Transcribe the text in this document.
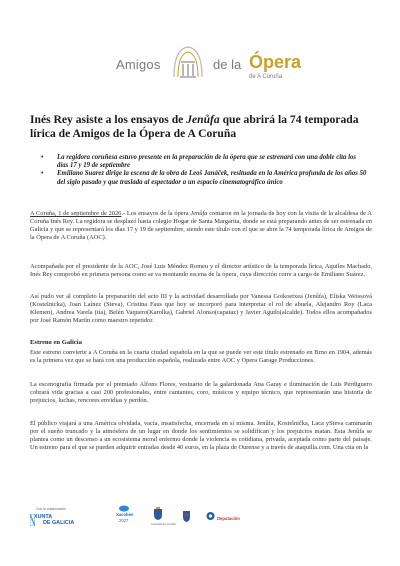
Amigos	de la Ópera
de A Coruña
Inés Rey asiste a los ensayos de Jenůfa que abrirá la 74 temporada lírica de Amigos de la Ópera de A Coruña
• La regidora coruñesa estuvo presente en la preparación de la ópera que se estrenará con una doble cita los días 17 y 19 de septiembre
• Emiliano Suarez dirige la escena de la obra de Leoš Janáček, resituada en la América profunda de los años 50 del siglo pasado y que traslada al espectador a un espacio cinematográfico único

A Coruña, 1 de septiembre de 2026.- Los ensayos de la ópera Jenůfa contaron en la jornada de hoy con la visita de la alcaldesa de A Coruña Inés Rey. La regidora se desplazó hasta colegio Hogar de Santa Margarita, donde se está preparando antes de ser estrenada en Galicia y que se representará los días 17 y 19 de septiembre, siendo este título con el que se abre la 74 temporada lírica de Amigos de la Ópera de A Coruña (AOC).

Acompañada por el presidente de la AOC, José Luis Méndez Romeu y el director artístico de la temporada lírica, Aquiles Machado, Inés Rey comprobó en primera persona como se va montando escena de la ópera, cuya dirección corre a cargo de Emiliano Suárez.

Así pudo ver al completo la preparación del acto III y la actividad desarrollada por Vanessa Goikoetxea (Jenůfa), Eliska Weissová (Kostelnicka), Joan Laínez (Steva), Cristina Faus que hoy se incorporó para interpretar el rol de abuela, Alejandro Roy (Laca Klemen), Andrea Varela (tía), Belén Vaquero(Karolka), Gabriel Alonso(capataz) y Javier Agudo(alcalde). Todos ellos acompañados por José Ramón Martín como maestro repetidor.

Estreno en Galicia

Este estreno convierte a A Coruña en la cuarta ciudad española en la que se puede ver este título estrenado en Brno en 1904, además es la primera vez que se hará con una producción española, realizada entre AOC y Opera Garage Producciones.

La escenografía firmada por el premiado Alfons Flores, vestuario de la galardonada Ana Garay e iluminación de Luis Perdiguero cobrará vida gracias a casi 200 profesionales, entre cantantes, coro, músicos y equipo técnico, que representarán una historia de prejuicios, luchas, rencores envidias y perdón.

El público viajará a una América olvidada, vacía, insatisfecha, encerrada en sí misma. Jenůfa, Kostelnička, Laca ySteva caminarán por el sueño truncado y la atmósfera de un lugar en donde los sentimientos se solidifican y los prejuicios matan. Esta Jenůfa se plantea como un descenso a un ecosistema moral enfermo donde la violencia es cotidiana, privada, aceptada como parte del paisaje. Un estreno para el que se pueden adquirir entradas desde 40 euros, en la plaza de Ourense y a través de ataquilla.com. Una cita en la

Con la colaboración
XUNTA
DE GALICIA
Xacobeo
2027
Concello da Coruña
Deputación
